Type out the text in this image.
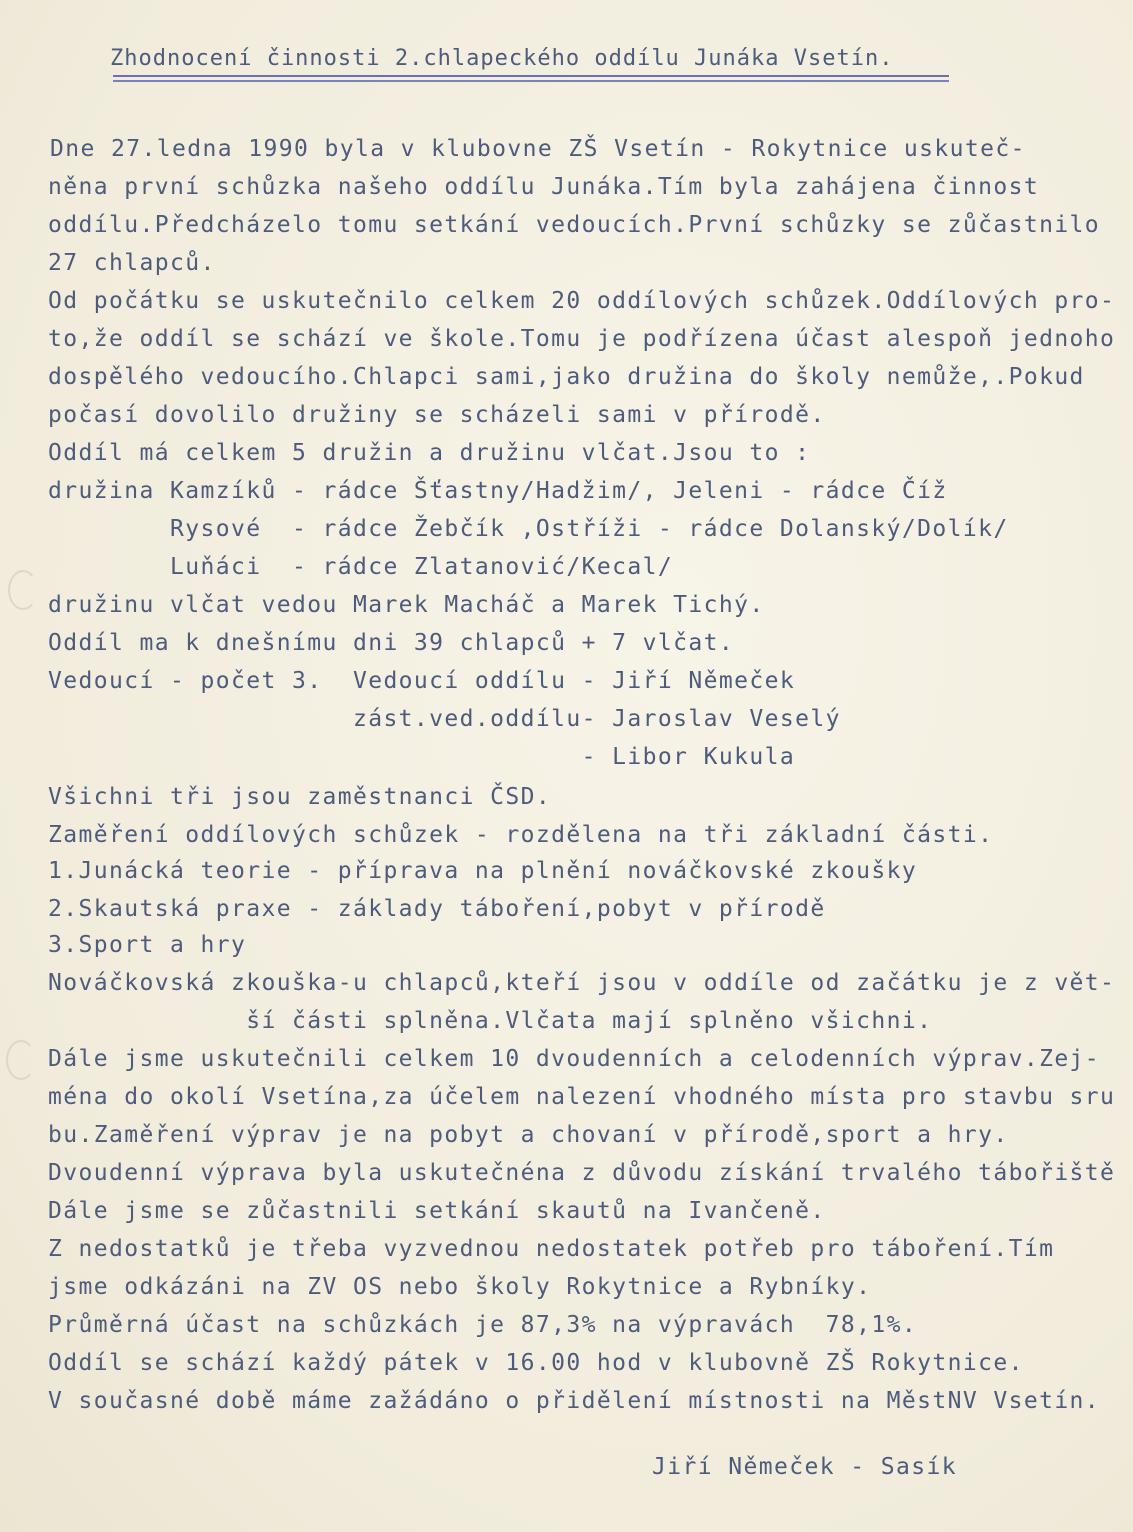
Zhodnocení činnosti 2.chlapeckého oddílu Junáka Vsetín.
Dne 27.ledna 1990 byla v klubovne ZŠ Vsetín - Rokytnice uskuteč-
něna první schůzka našeho oddílu Junáka.Tím byla zahájena činnost
oddílu.Předcházelo tomu setkání vedoucích.První schůzky se zůčastnilo
27 chlapců.
Od počátku se uskutečnilo celkem 20 oddílových schůzek.Oddílových pro-
to,že oddíl se schází ve škole.Tomu je podřízena účast alespoň jednoho
dospělého vedoucího.Chlapci sami,jako družina do školy nemůže,.Pokud
počasí dovolilo družiny se scházeli sami v přírodě.
Oddíl má celkem 5 družin a družinu vlčat.Jsou to :
družina Kamzíků - rádce Šťastny/Hadžim/, Jeleni - rádce Číž
Rysové  - rádce Žebčík ,Ostříži - rádce Dolanský/Dolík/
Luňáci  - rádce Zlatanović/Kecal/
družinu vlčat vedou Marek Macháč a Marek Tichý.
Oddíl ma k dnešnímu dni 39 chlapců + 7 vlčat.
Vedoucí - počet 3.  Vedoucí oddílu - Jiří Němeček
zást.ved.oddílu- Jaroslav Veselý
- Libor Kukula
Všichni tři jsou zaměstnanci ČSD.
Zaměření oddílových schůzek - rozdělena na tři základní části.
1.Junácká teorie - příprava na plnění nováčkovské zkoušky
2.Skautská praxe - základy táboření,pobyt v přírodě
3.Sport a hry
Nováčkovská zkouška-u chlapců,kteří jsou v oddíle od začátku je z vět-
ší části splněna.Vlčata mají splněno všichni.
Dále jsme uskutečnili celkem 10 dvoudenních a celodenních výprav.Zej-
ména do okolí Vsetína,za účelem nalezení vhodného místa pro stavbu sru
bu.Zaměření výprav je na pobyt a chovaní v přírodě,sport a hry.
Dvoudenní výprava byla uskutečnéna z důvodu získání trvalého tábořiště
Dále jsme se zůčastnili setkání skautů na Ivančeně.
Z nedostatků je třeba vyzvednou nedostatek potřeb pro táboření.Tím
jsme odkázáni na ZV OS nebo školy Rokytnice a Rybníky.
Průměrná účast na schůzkách je 87,3% na výpravách  78,1%.
Oddíl se schází každý pátek v 16.00 hod v klubovně ZŠ Rokytnice.
V současné době máme zažádáno o přidělení místnosti na MěstNV Vsetín.
Jiří Němeček - Sasík
